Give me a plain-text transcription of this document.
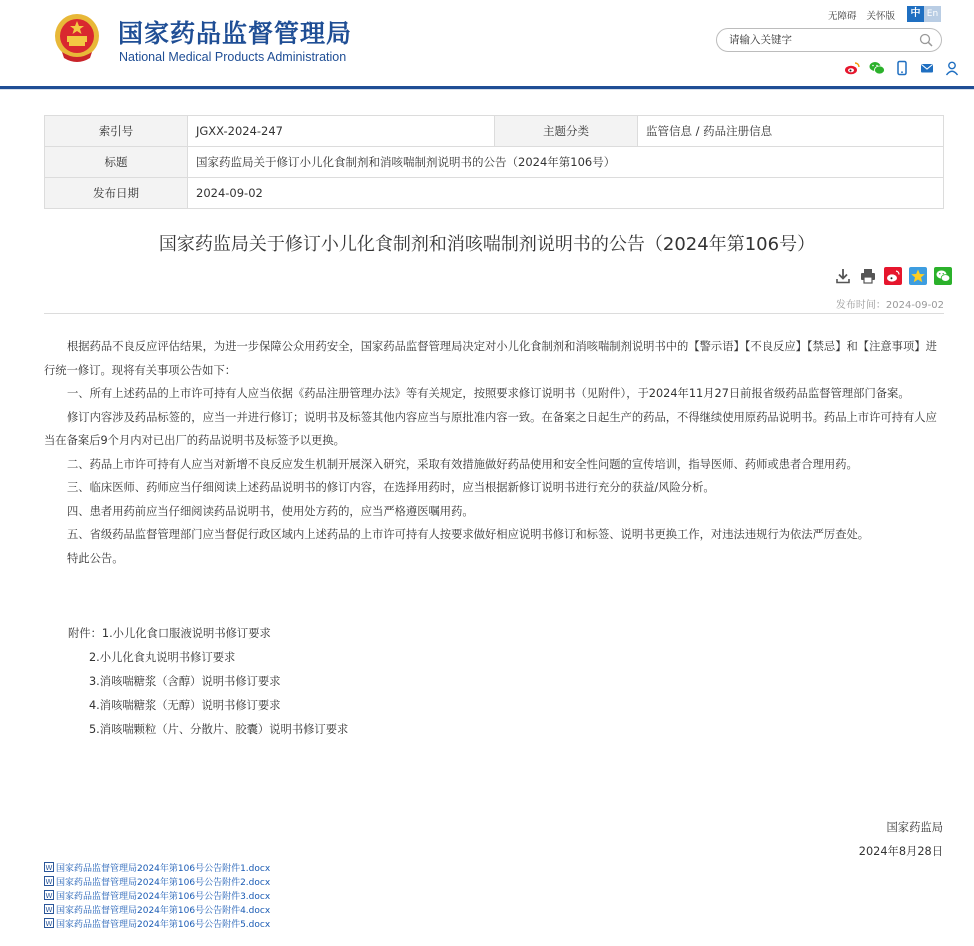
国家药品监督管理局
National Medical Products Administration
无障碍 关怀版	中 En
请输入关键字

索引号	JGXX-2024-247	主题分类	监管信息 / 药品注册信息
标题	国家药监局关于修订小儿化食制剂和消咳喘制剂说明书的公告（2024年第106号）		
发布日期	2024-09-02		
国家药监局关于修订小儿化食制剂和消咳喘制剂说明书的公告（2024年第106号）

发布时间：2024-09-02

根据药品不良反应评估结果，为进一步保障公众用药安全，国家药品监督管理局决定对小儿化食制剂和消咳喘制剂说明书中的【警示语】【不良反应】【禁忌】和【注意事项】进行统一修订。现将有关事项公告如下：

一、所有上述药品的上市许可持有人应当依据《药品注册管理办法》等有关规定，按照要求修订说明书（见附件），于2024年11月27日前报省级药品监督管理部门备案。

修订内容涉及药品标签的，应当一并进行修订；说明书及标签其他内容应当与原批准内容一致。在备案之日起生产的药品，不得继续使用原药品说明书。药品上市许可持有人应当在备案后9个月内对已出厂的药品说明书及标签予以更换。

二、药品上市许可持有人应当对新增不良反应发生机制开展深入研究，采取有效措施做好药品使用和安全性问题的宣传培训，指导医师、药师或患者合理用药。

三、临床医师、药师应当仔细阅读上述药品说明书的修订内容，在选择用药时，应当根据新修订说明书进行充分的获益/风险分析。

四、患者用药前应当仔细阅读药品说明书，使用处方药的，应当严格遵医嘱用药。

五、省级药品监督管理部门应当督促行政区域内上述药品的上市许可持有人按要求做好相应说明书修订和标签、说明书更换工作，对违法违规行为依法严厉查处。

特此公告。

附件：1.小儿化食口服液说明书修订要求
2.小儿化食丸说明书修订要求
3.消咳喘糖浆（含醇）说明书修订要求
4.消咳喘糖浆（无醇）说明书修订要求
5.消咳喘颗粒（片、分散片、胶囊）说明书修订要求
国家药监局
2024年8月28日
W 国家药品监督管理局2024年第106号公告附件1.docx
W 国家药品监督管理局2024年第106号公告附件2.docx
W 国家药品监督管理局2024年第106号公告附件3.docx
W 国家药品监督管理局2024年第106号公告附件4.docx
W 国家药品监督管理局2024年第106号公告附件5.docx
